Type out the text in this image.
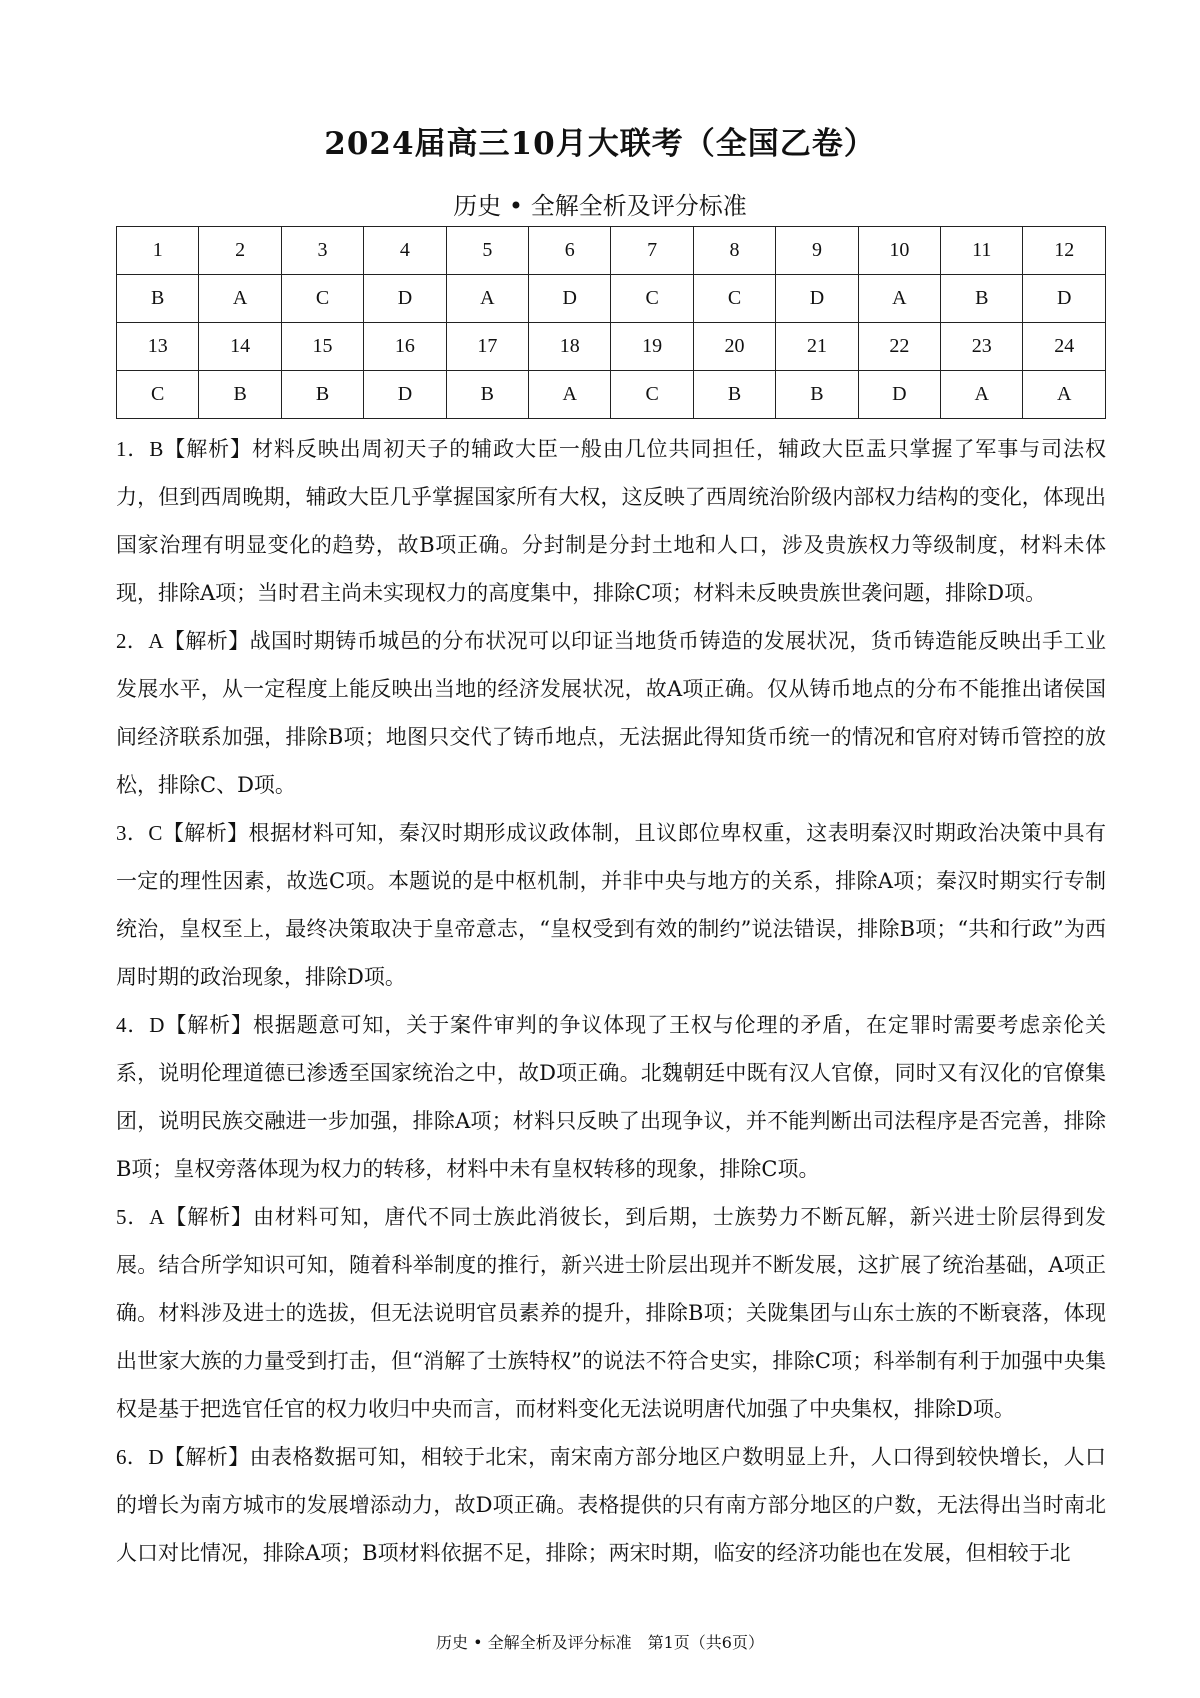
2024届高三10月大联考（全国乙卷）
历史 • 全解全析及评分标准
1	2	3	4	5	6	7	8	9	10	11	12
B	A	C	D	A	D	C	C	D	A	B	D
13	14	15	16	17	18	19	20	21	22	23	24
C	B	B	D	B	A	C	B	B	D	A	A

1．B【解析】材料反映出周初天子的辅政大臣一般由几位共同担任，辅政大臣盂只掌握了军事与司法权力，但到西周晚期，辅政大臣几乎掌握国家所有大权，这反映了西周统治阶级内部权力结构的变化，体现出国家治理有明显变化的趋势，故B项正确。分封制是分封土地和人口，涉及贵族权力等级制度，材料未体现，排除A项；当时君主尚未实现权力的高度集中，排除C项；材料未反映贵族世袭问题，排除D项。

2．A【解析】战国时期铸币城邑的分布状况可以印证当地货币铸造的发展状况，货币铸造能反映出手工业发展水平，从一定程度上能反映出当地的经济发展状况，故A项正确。仅从铸币地点的分布不能推出诸侯国间经济联系加强，排除B项；地图只交代了铸币地点，无法据此得知货币统一的情况和官府对铸币管控的放松，排除C、D项。

3．C【解析】根据材料可知，秦汉时期形成议政体制，且议郎位卑权重，这表明秦汉时期政治决策中具有一定的理性因素，故选C项。本题说的是中枢机制，并非中央与地方的关系，排除A项；秦汉时期实行专制统治，皇权至上，最终决策取决于皇帝意志，“皇权受到有效的制约”说法错误，排除B项；“共和行政”为西周时期的政治现象，排除D项。

4．D【解析】根据题意可知，关于案件审判的争议体现了王权与伦理的矛盾，在定罪时需要考虑亲伦关系，说明伦理道德已渗透至国家统治之中，故D项正确。北魏朝廷中既有汉人官僚，同时又有汉化的官僚集团，说明民族交融进一步加强，排除A项；材料只反映了出现争议，并不能判断出司法程序是否完善，排除B项；皇权旁落体现为权力的转移，材料中未有皇权转移的现象，排除C项。

5．A【解析】由材料可知，唐代不同士族此消彼长，到后期，士族势力不断瓦解，新兴进士阶层得到发展。结合所学知识可知，随着科举制度的推行，新兴进士阶层出现并不断发展，这扩展了统治基础，A项正确。材料涉及进士的选拔，但无法说明官员素养的提升，排除B项；关陇集团与山东士族的不断衰落，体现出世家大族的力量受到打击，但“消解了士族特权”的说法不符合史实，排除C项；科举制有利于加强中央集权是基于把选官任官的权力收归中央而言，而材料变化无法说明唐代加强了中央集权，排除D项。

6．D【解析】由表格数据可知，相较于北宋，南宋南方部分地区户数明显上升，人口得到较快增长，人口的增长为南方城市的发展增添动力，故D项正确。表格提供的只有南方部分地区的户数，无法得出当时南北人口对比情况，排除A项；B项材料依据不足，排除；两宋时期，临安的经济功能也在发展，但相较于北

历史 • 全解全析及评分标准　第1页（共6页）
